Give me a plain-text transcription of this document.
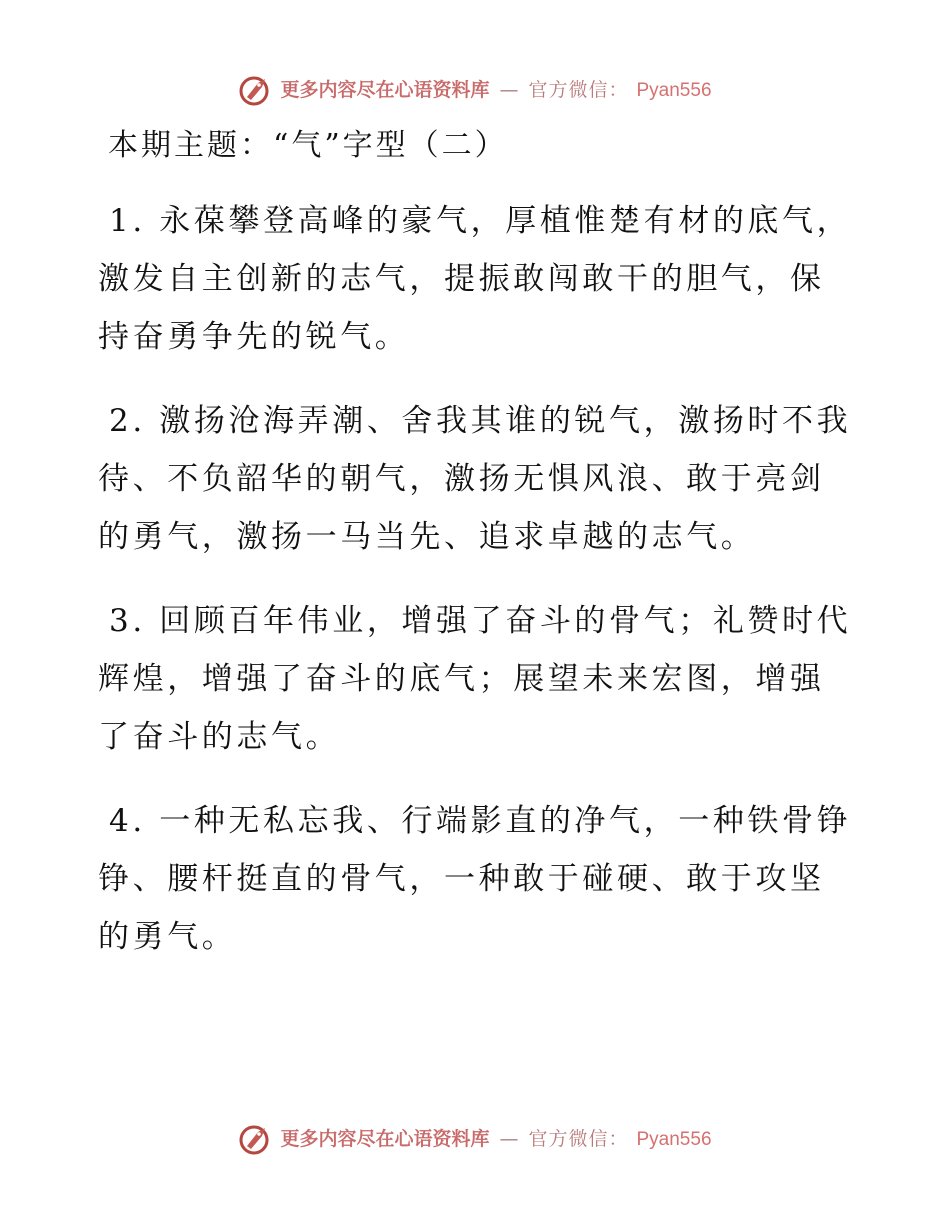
更多内容尽在心语资料库 — 官方微信： Pyan556
本期主题：“气”字型（二）

1. 永葆攀登高峰的豪气，厚植惟楚有材的底气，激发自主创新的志气，提振敢闯敢干的胆气，保持奋勇争先的锐气。

2. 激扬沧海弄潮、舍我其谁的锐气，激扬时不我待、不负韶华的朝气，激扬无惧风浪、敢于亮剑的勇气，激扬一马当先、追求卓越的志气。

3. 回顾百年伟业，增强了奋斗的骨气；礼赞时代辉煌，增强了奋斗的底气；展望未来宏图，增强了奋斗的志气。

4. 一种无私忘我、行端影直的净气，一种铁骨铮铮、腰杆挺直的骨气，一种敢于碰硬、敢于攻坚的勇气。

更多内容尽在心语资料库 — 官方微信： Pyan556
